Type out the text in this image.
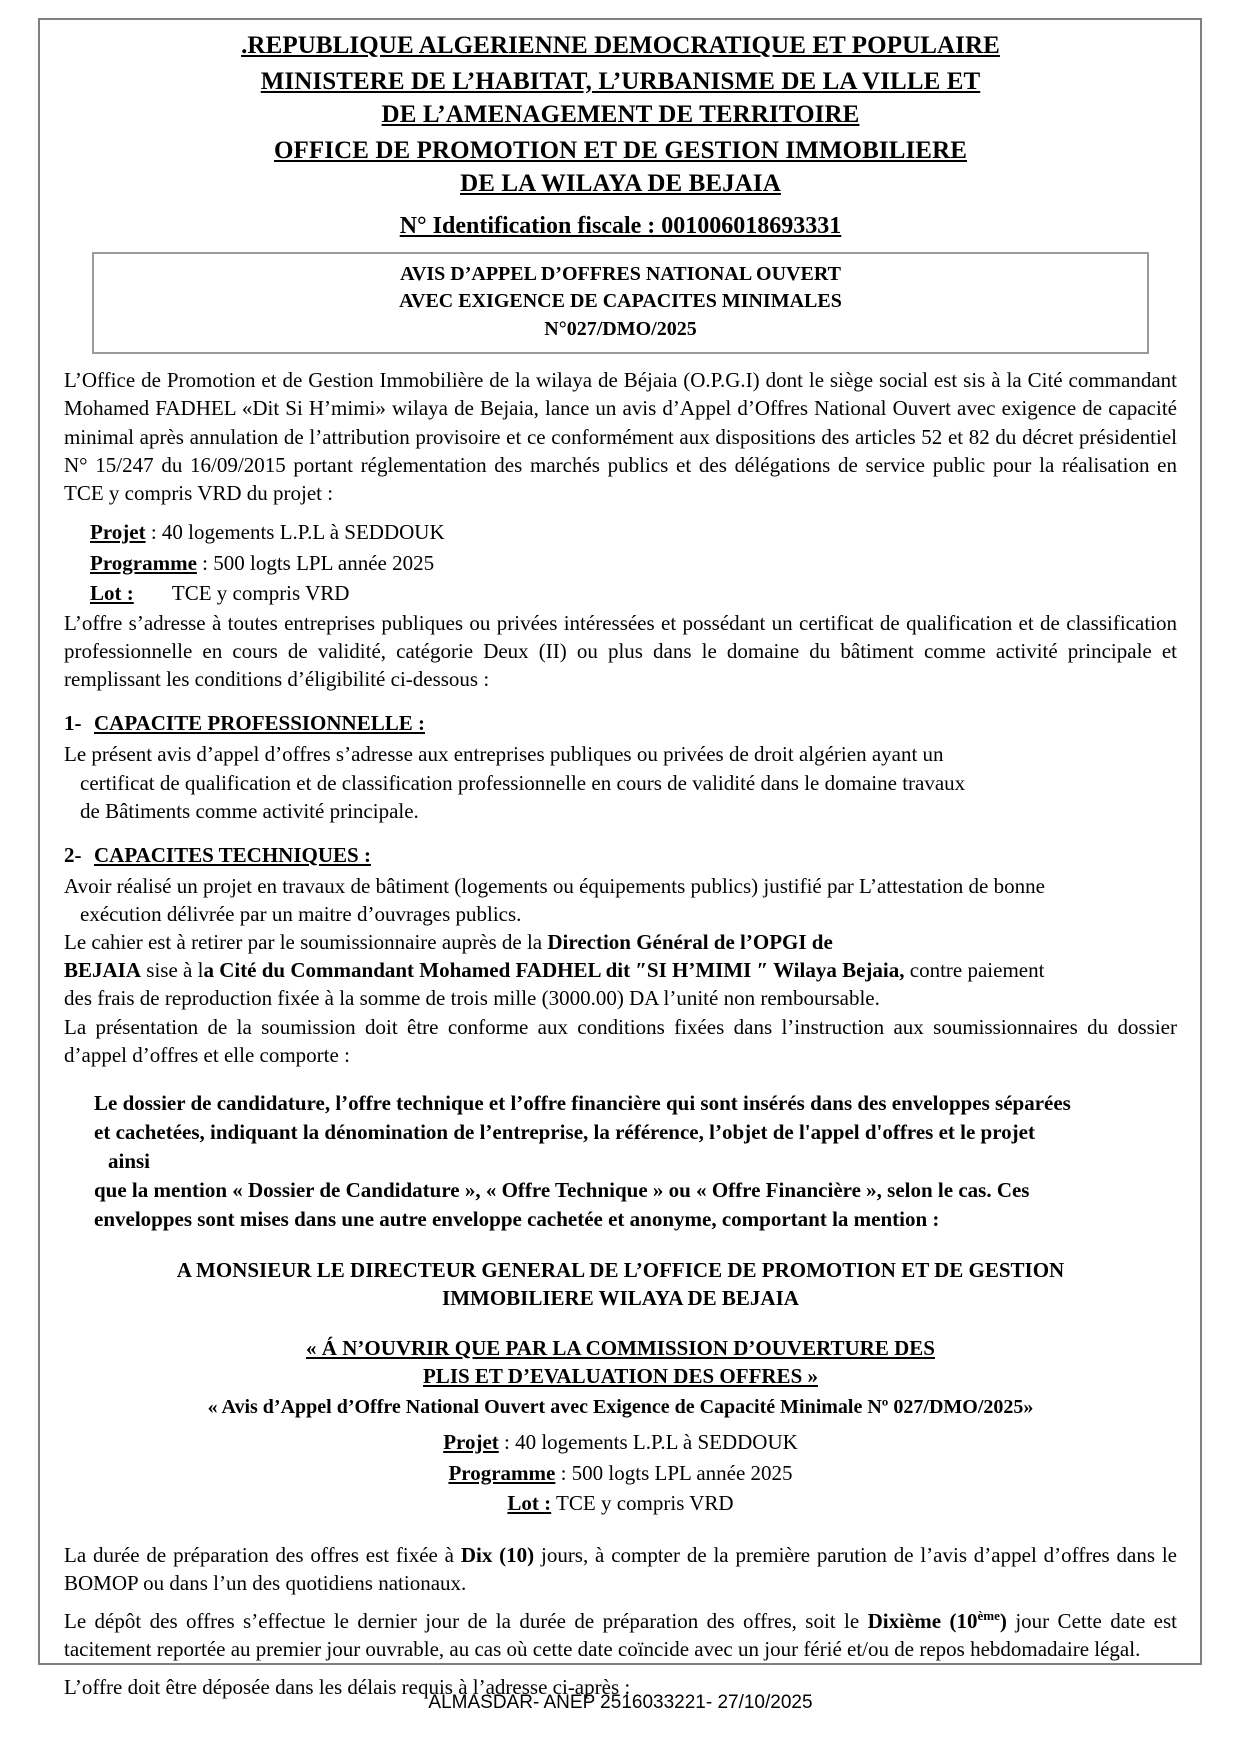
.REPUBLIQUE ALGERIENNE DEMOCRATIQUE ET POPULAIRE
MINISTERE DE L’HABITAT, L’URBANISME DE LA VILLE ET
DE L’AMENAGEMENT DE TERRITOIRE
OFFICE DE PROMOTION ET DE GESTION IMMOBILIERE
DE LA WILAYA DE BEJAIA
N° Identification fiscale : 001006018693331
AVIS D’APPEL D’OFFRES NATIONAL OUVERT
AVEC EXIGENCE DE CAPACITES MINIMALES
N°027/DMO/2025

L’Office de Promotion et de Gestion Immobilière de la wilaya de Béjaia (O.P.G.I) dont le siège social est sis à la Cité commandant Mohamed FADHEL «Dit Si H’mimi» wilaya de Bejaia, lance un avis d’Appel d’Offres National Ouvert avec exigence de capacité minimal après annulation de l’attribution provisoire et ce conformément aux dispositions des articles 52 et 82 du décret présidentiel N° 15/247 du 16/09/2015 portant réglementation des marchés publics et des délégations de service public pour la réalisation en TCE y compris VRD du projet :

Projet : 40 logements L.P.L à SEDDOUK
Programme : 500 logts LPL année 2025
Lot : TCE y compris VRD

L’offre s’adresse à toutes entreprises publiques ou privées intéressées et possédant un certificat de qualification et de classification professionnelle en cours de validité, catégorie Deux (II) ou plus dans le domaine du bâtiment comme activité principale et remplissant les conditions d’éligibilité ci-dessous :

1- CAPACITE PROFESSIONNELLE :
Le présent avis d’appel d’offres s’adresse aux entreprises publiques ou privées de droit algérien ayant un
certificat de qualification et de classification professionnelle en cours de validité dans le domaine travaux
de Bâtiments comme activité principale.
2- CAPACITES TECHNIQUES :
Avoir réalisé un projet en travaux de bâtiment (logements ou équipements publics) justifié par L’attestation de bonne
exécution délivrée par un maitre d’ouvrages publics.
Le cahier est à retirer par le soumissionnaire auprès de la Direction Général de l’OPGI de
BEJAIA sise à la Cité du Commandant Mohamed FADHEL dit ″SI H’MIMI ″ Wilaya Bejaia, contre paiement
des frais de reproduction fixée à la somme de trois mille (3000.00) DA l’unité non remboursable.

La présentation de la soumission doit être conforme aux conditions fixées dans l’instruction aux soumissionnaires du dossier d’appel d’offres et elle comporte :

Le dossier de candidature, l’offre technique et l’offre financière qui sont insérés dans des enveloppes séparées
et cachetées, indiquant la dénomination de l’entreprise, la référence, l’objet de l'appel d'offres et le projet
ainsi
que la mention « Dossier de Candidature », « Offre Technique » ou « Offre Financière », selon le cas. Ces
enveloppes sont mises dans une autre enveloppe cachetée et anonyme, comportant la mention :
A MONSIEUR LE DIRECTEUR GENERAL DE L’OFFICE DE PROMOTION ET DE GESTION
IMMOBILIERE WILAYA DE BEJAIA
« Á N’OUVRIR QUE PAR LA COMMISSION D’OUVERTURE DES
PLIS ET D’EVALUATION DES OFFRES »
« Avis d’Appel d’Offre National Ouvert avec Exigence de Capacité Minimale Nº 027/DMO/2025»
Projet : 40 logements L.P.L à SEDDOUK
Programme : 500 logts LPL année 2025
Lot : TCE y compris VRD

La durée de préparation des offres est fixée à Dix (10) jours, à compter de la première parution de l’avis d’appel d’offres dans le BOMOP ou dans l’un des quotidiens nationaux.

Le dépôt des offres s’effectue le dernier jour de la durée de préparation des offres, soit le Dixième (10ème) jour Cette date est tacitement reportée au premier jour ouvrable, au cas où cette date coïncide avec un jour férié et/ou de repos hebdomadaire légal.

L’offre doit être déposée dans les délais requis à l’adresse ci-après :

ALMASDAR- ANEP 2516033221- 27/10/2025
